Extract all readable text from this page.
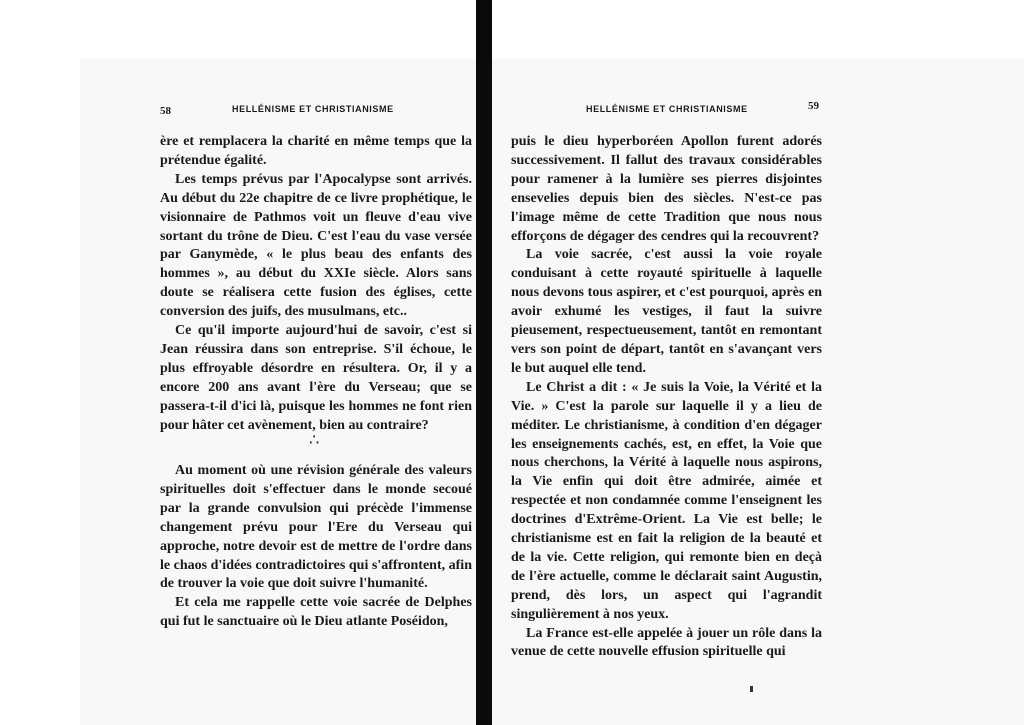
58	HELLÉNISME ET CHRISTIANISME

ère et remplacera la charité en même temps que la prétendue égalité.

Les temps prévus par l'Apocalypse sont arrivés. Au début du 22e chapitre de ce livre prophétique, le visionnaire de Pathmos voit un fleuve d'eau vive sortant du trône de Dieu. C'est l'eau du vase versée par Ganymède, « le plus beau des enfants des hommes », au début du XXIe siècle. Alors sans doute se réalisera cette fusion des églises, cette conversion des juifs, des musulmans, etc..

Ce qu'il importe aujourd'hui de savoir, c'est si Jean réussira dans son entreprise. S'il échoue, le plus effroyable désordre en résultera. Or, il y a encore 200 ans avant l'ère du Verseau; que se passera-t-il d'ici là, puisque les hommes ne font rien pour hâter cet avènement, bien au contraire?

∴

Au moment où une révision générale des valeurs spirituelles doit s'effectuer dans le monde secoué par la grande convulsion qui précède l'immense changement prévu pour l'Ere du Verseau qui approche, notre devoir est de mettre de l'ordre dans le chaos d'idées contradictoires qui s'affrontent, afin de trouver la voie que doit suivre l'humanité.

Et cela me rappelle cette voie sacrée de Delphes qui fut le sanctuaire où le Dieu atlante Poséidon,

HELLÉNISME ET CHRISTIANISME	59

puis le dieu hyperboréen Apollon furent adorés successivement. Il fallut des travaux considérables pour ramener à la lumière ses pierres disjointes ensevelies depuis bien des siècles. N'est-ce pas l'image même de cette Tradition que nous nous efforçons de dégager des cendres qui la recouvrent?

La voie sacrée, c'est aussi la voie royale conduisant à cette royauté spirituelle à laquelle nous devons tous aspirer, et c'est pourquoi, après en avoir exhumé les vestiges, il faut la suivre pieusement, respectueusement, tantôt en remontant vers son point de départ, tantôt en s'avançant vers le but auquel elle tend.

Le Christ a dit : « Je suis la Voie, la Vérité et la Vie. » C'est la parole sur laquelle il y a lieu de méditer. Le christianisme, à condition d'en dégager les enseignements cachés, est, en effet, la Voie que nous cherchons, la Vérité à laquelle nous aspirons, la Vie enfin qui doit être admirée, aimée et respectée et non condamnée comme l'enseignent les doctrines d'Extrême-Orient. La Vie est belle; le christianisme est en fait la religion de la beauté et de la vie. Cette religion, qui remonte bien en deçà de l'ère actuelle, comme le déclarait saint Augustin, prend, dès lors, un aspect qui l'agrandit singulièrement à nos yeux.

La France est-elle appelée à jouer un rôle dans la venue de cette nouvelle effusion spirituelle qui
